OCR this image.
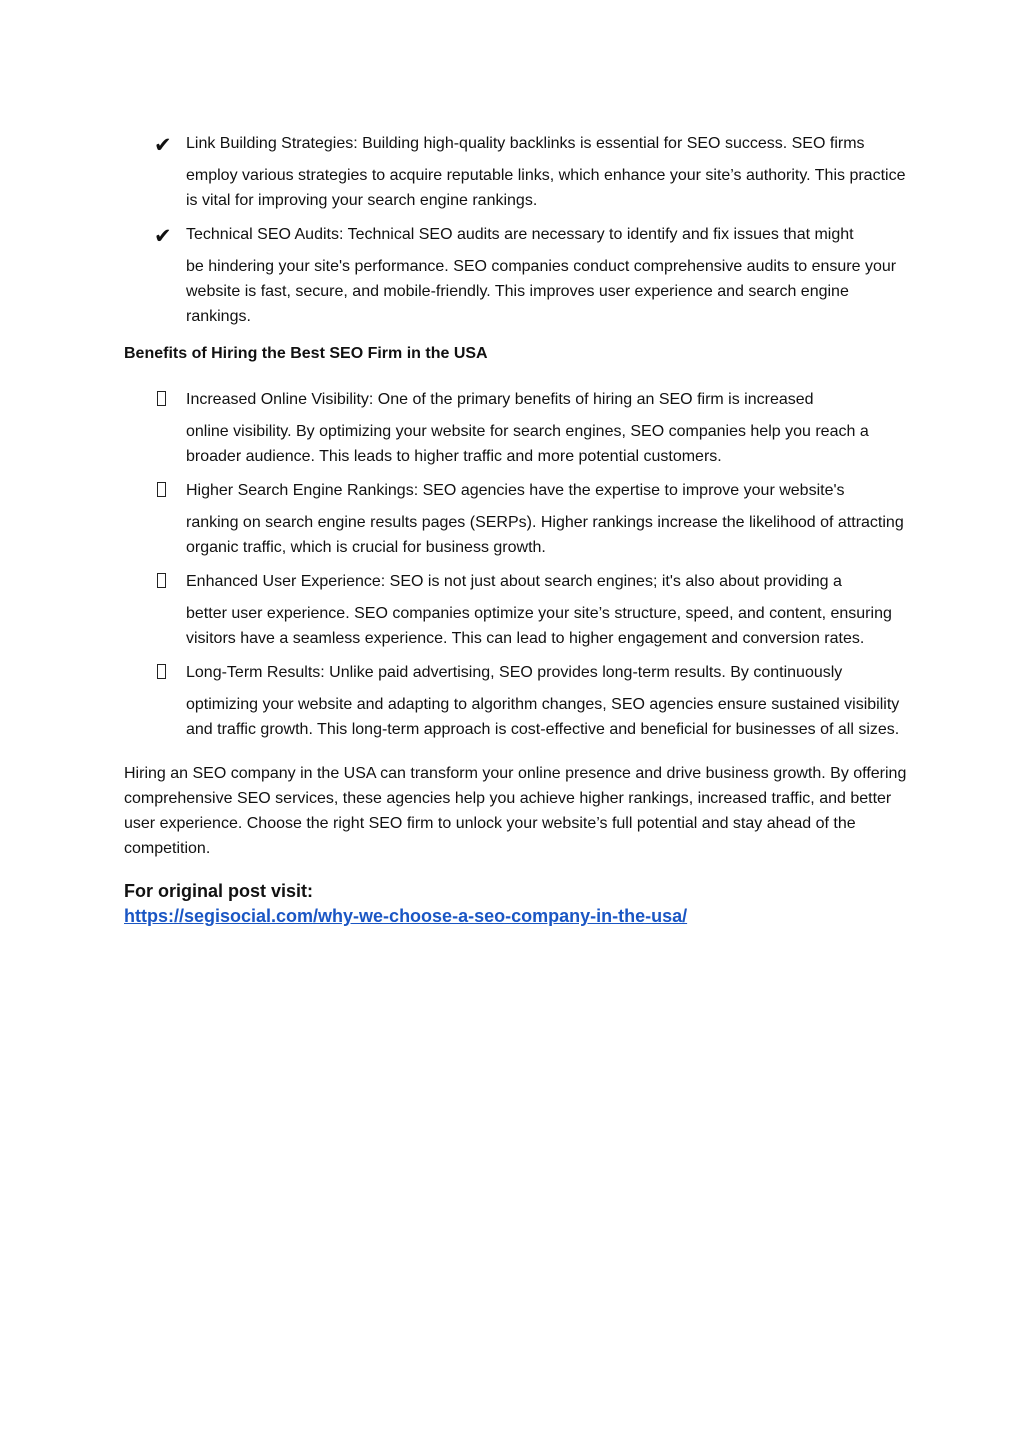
✔ Link Building Strategies: Building high-quality backlinks is essential for SEO success. SEO firms
employ various strategies to acquire reputable links, which enhance your site’s authority. This practice is vital for improving your search engine rankings.
✔ Technical SEO Audits: Technical SEO audits are necessary to identify and fix issues that might
be hindering your site's performance. SEO companies conduct comprehensive audits to ensure your website is fast, secure, and mobile-friendly. This improves user experience and search engine rankings.
Benefits of Hiring the Best SEO Firm in the USA
Increased Online Visibility: One of the primary benefits of hiring an SEO firm is increased
online visibility. By optimizing your website for search engines, SEO companies help you reach a broader audience. This leads to higher traffic and more potential customers.
Higher Search Engine Rankings: SEO agencies have the expertise to improve your website's
ranking on search engine results pages (SERPs). Higher rankings increase the likelihood of attracting organic traffic, which is crucial for business growth.
Enhanced User Experience: SEO is not just about search engines; it's also about providing a
better user experience. SEO companies optimize your site’s structure, speed, and content, ensuring visitors have a seamless experience. This can lead to higher engagement and conversion rates.
Long-Term Results: Unlike paid advertising, SEO provides long-term results. By continuously
optimizing your website and adapting to algorithm changes, SEO agencies ensure sustained visibility and traffic growth. This long-term approach is cost-effective and beneficial for businesses of all sizes.

Hiring an SEO company in the USA can transform your online presence and drive business growth. By offering comprehensive SEO services, these agencies help you achieve higher rankings, increased traffic, and better user experience. Choose the right SEO firm to unlock your website’s full potential and stay ahead of the competition.

For original post visit:

https://segisocial.com/why-we-choose-a-seo-company-in-the-usa/
